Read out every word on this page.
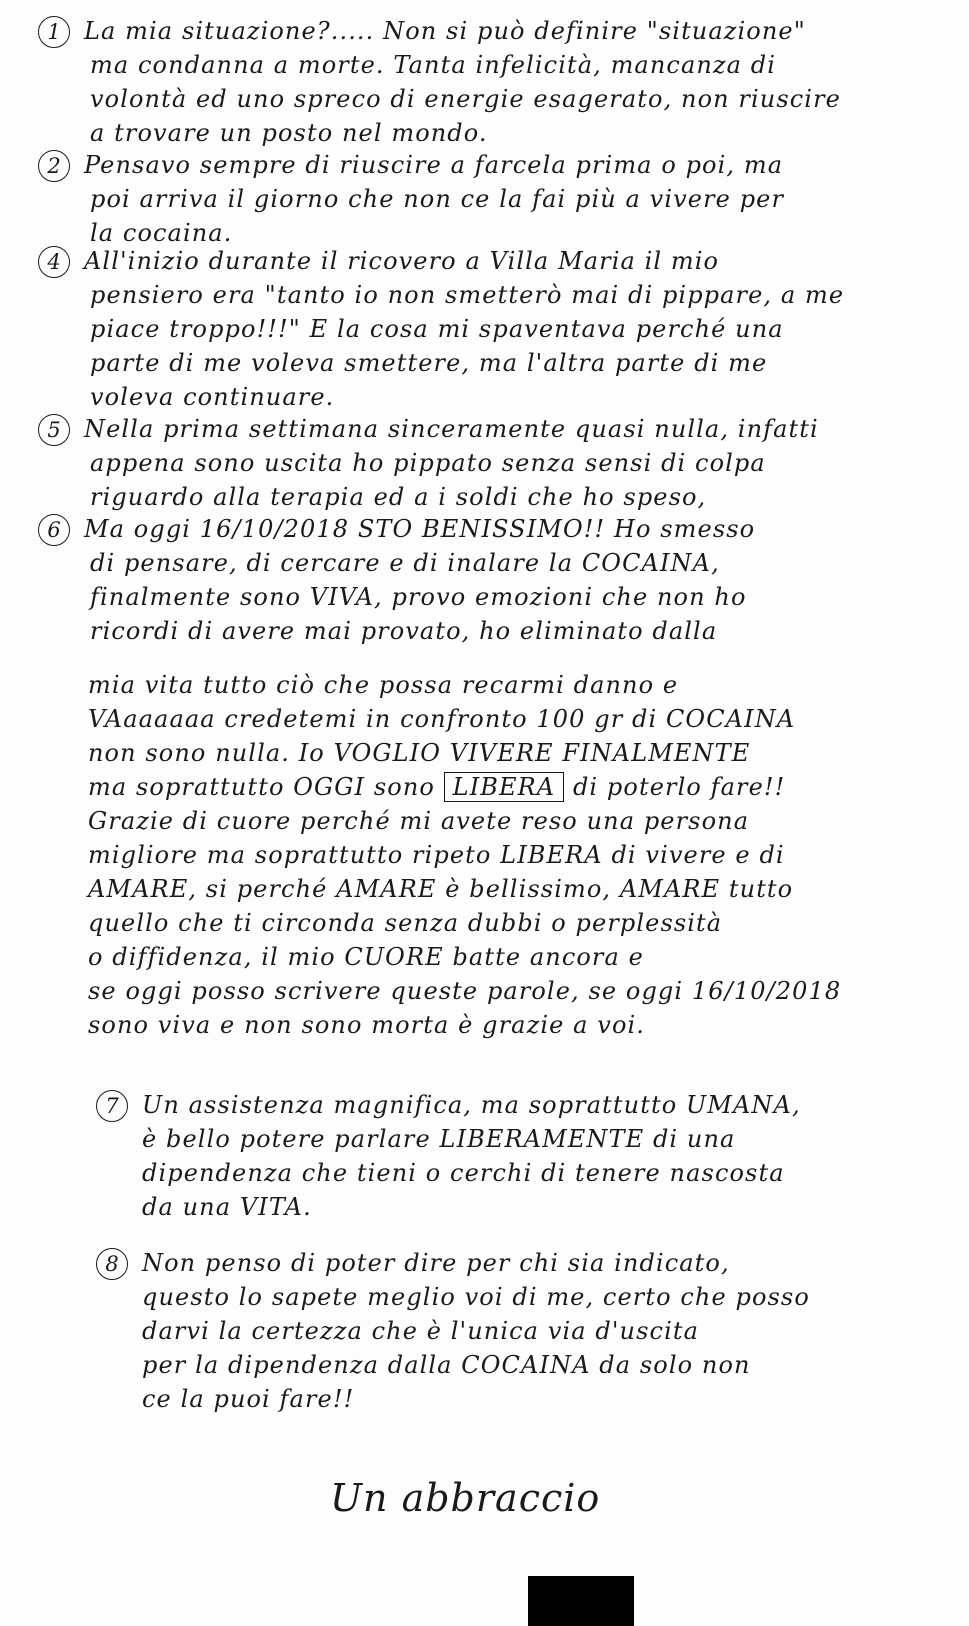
1 La mia situazione?..... Non si può definire "situazione"
ma condanna a morte. Tanta infelicità, mancanza di
volontà ed uno spreco di energie esagerato, non riuscire
a trovare un posto nel mondo.
2 Pensavo sempre di riuscire a farcela prima o poi, ma
poi arriva il giorno che non ce la fai più a vivere per
la cocaina.
4 All'inizio durante il ricovero a Villa Maria il mio
pensiero era "tanto io non smetterò mai di pippare, a me
piace troppo!!!" E la cosa mi spaventava perché una
parte di me voleva smettere, ma l'altra parte di me
voleva continuare.
5 Nella prima settimana sinceramente quasi nulla, infatti
appena sono uscita ho pippato senza sensi di colpa
riguardo alla terapia ed a i soldi che ho speso,
6 Ma oggi 16/10/2018 STO BENISSIMO!! Ho smesso
di pensare, di cercare e di inalare la COCAINA,
finalmente sono VIVA, provo emozioni che non ho
ricordi di avere mai provato, ho eliminato dalla
mia vita tutto ciò che possa recarmi danno e
VAaaaaaa credetemi in confronto 100 gr di COCAINA
non sono nulla. Io VOGLIO VIVERE FINALMENTE
ma soprattutto OGGI sono LIBERA di poterlo fare!!
Grazie di cuore perché mi avete reso una persona
migliore ma soprattutto ripeto LIBERA di vivere e di
AMARE, si perché AMARE è bellissimo, AMARE tutto
quello che ti circonda senza dubbi o perplessità
o diffidenza, il mio CUORE batte ancora e
se oggi posso scrivere queste parole, se oggi 16/10/2018
sono viva e non sono morta è grazie a voi.
7 Un assistenza magnifica, ma soprattutto UMANA,
è bello potere parlare LIBERAMENTE di una
dipendenza che tieni o cerchi di tenere nascosta
da una VITA.
8 Non penso di poter dire per chi sia indicato,
questo lo sapete meglio voi di me, certo che posso
darvi la certezza che è l'unica via d'uscita
per la dipendenza dalla COCAINA da solo non
ce la puoi fare!!
Un abbraccio
